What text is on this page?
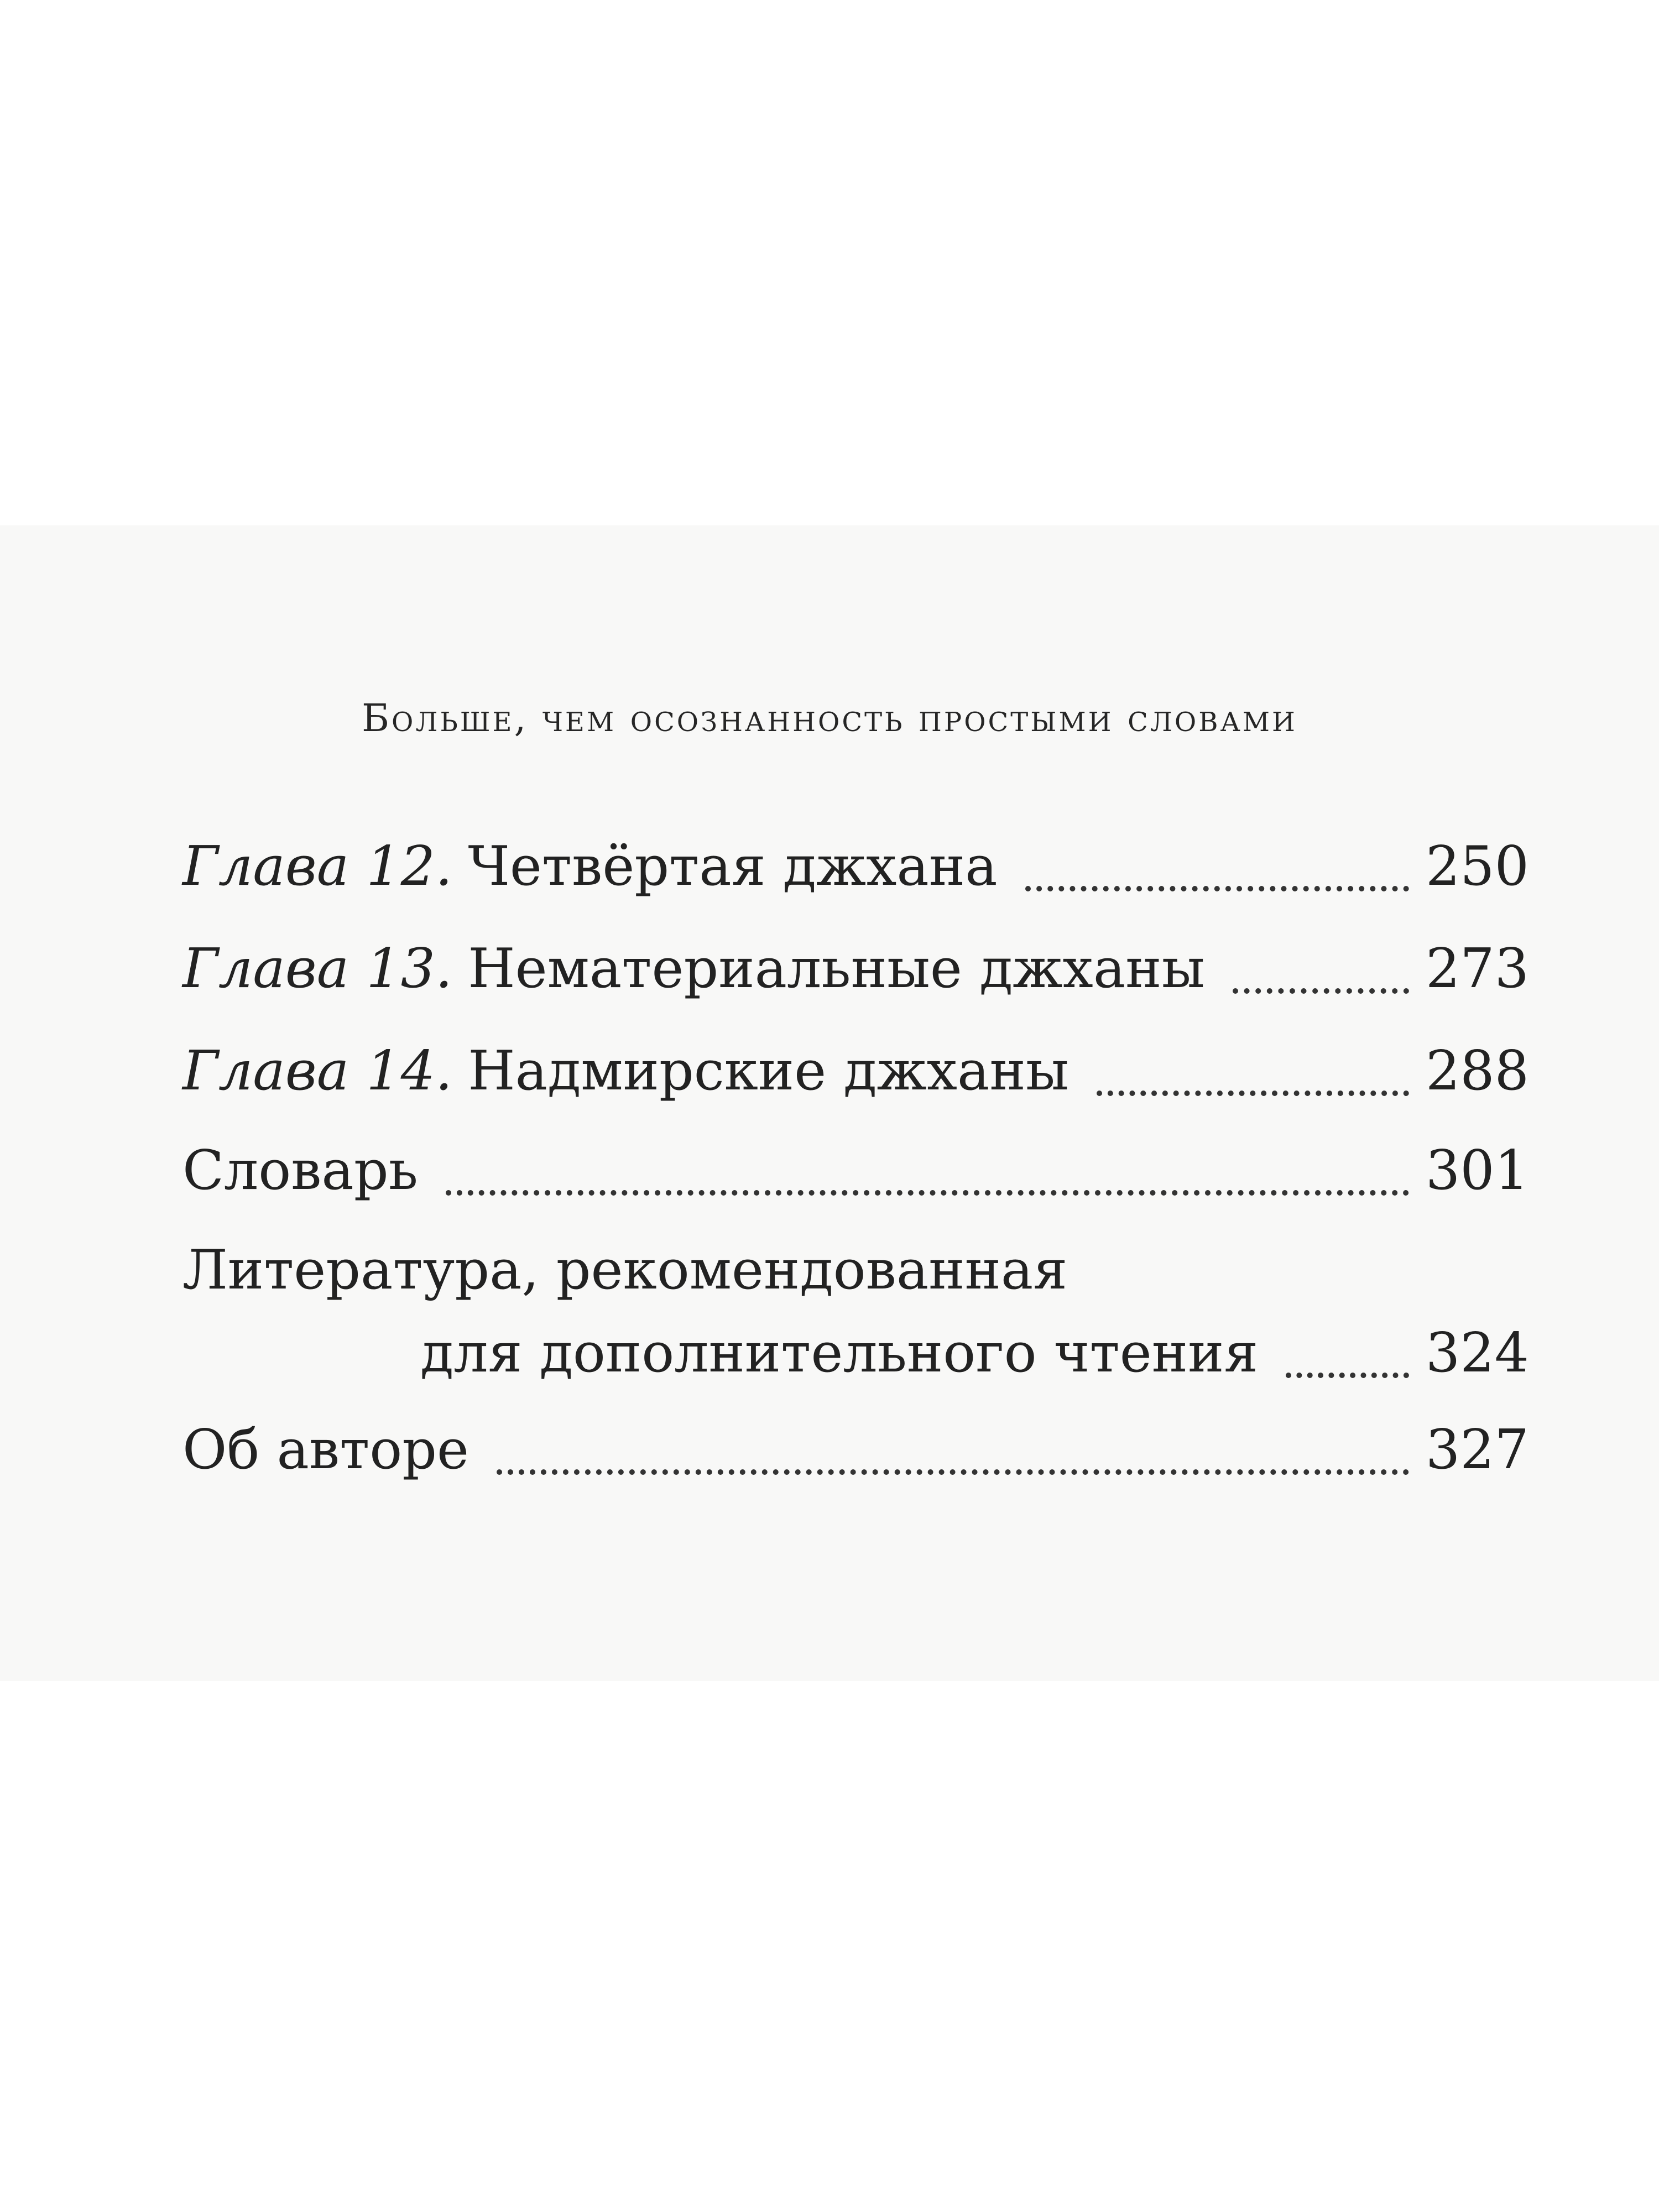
Больше, чем осознанность простыми словами
Глава 12. Четвёртая джхана	250
Глава 13. Нематериальные джханы	273
Глава 14. Надмирские джханы	288
Словарь	301
Литература, рекомендованная
для дополнительного чтения	324
Об авторе	327
